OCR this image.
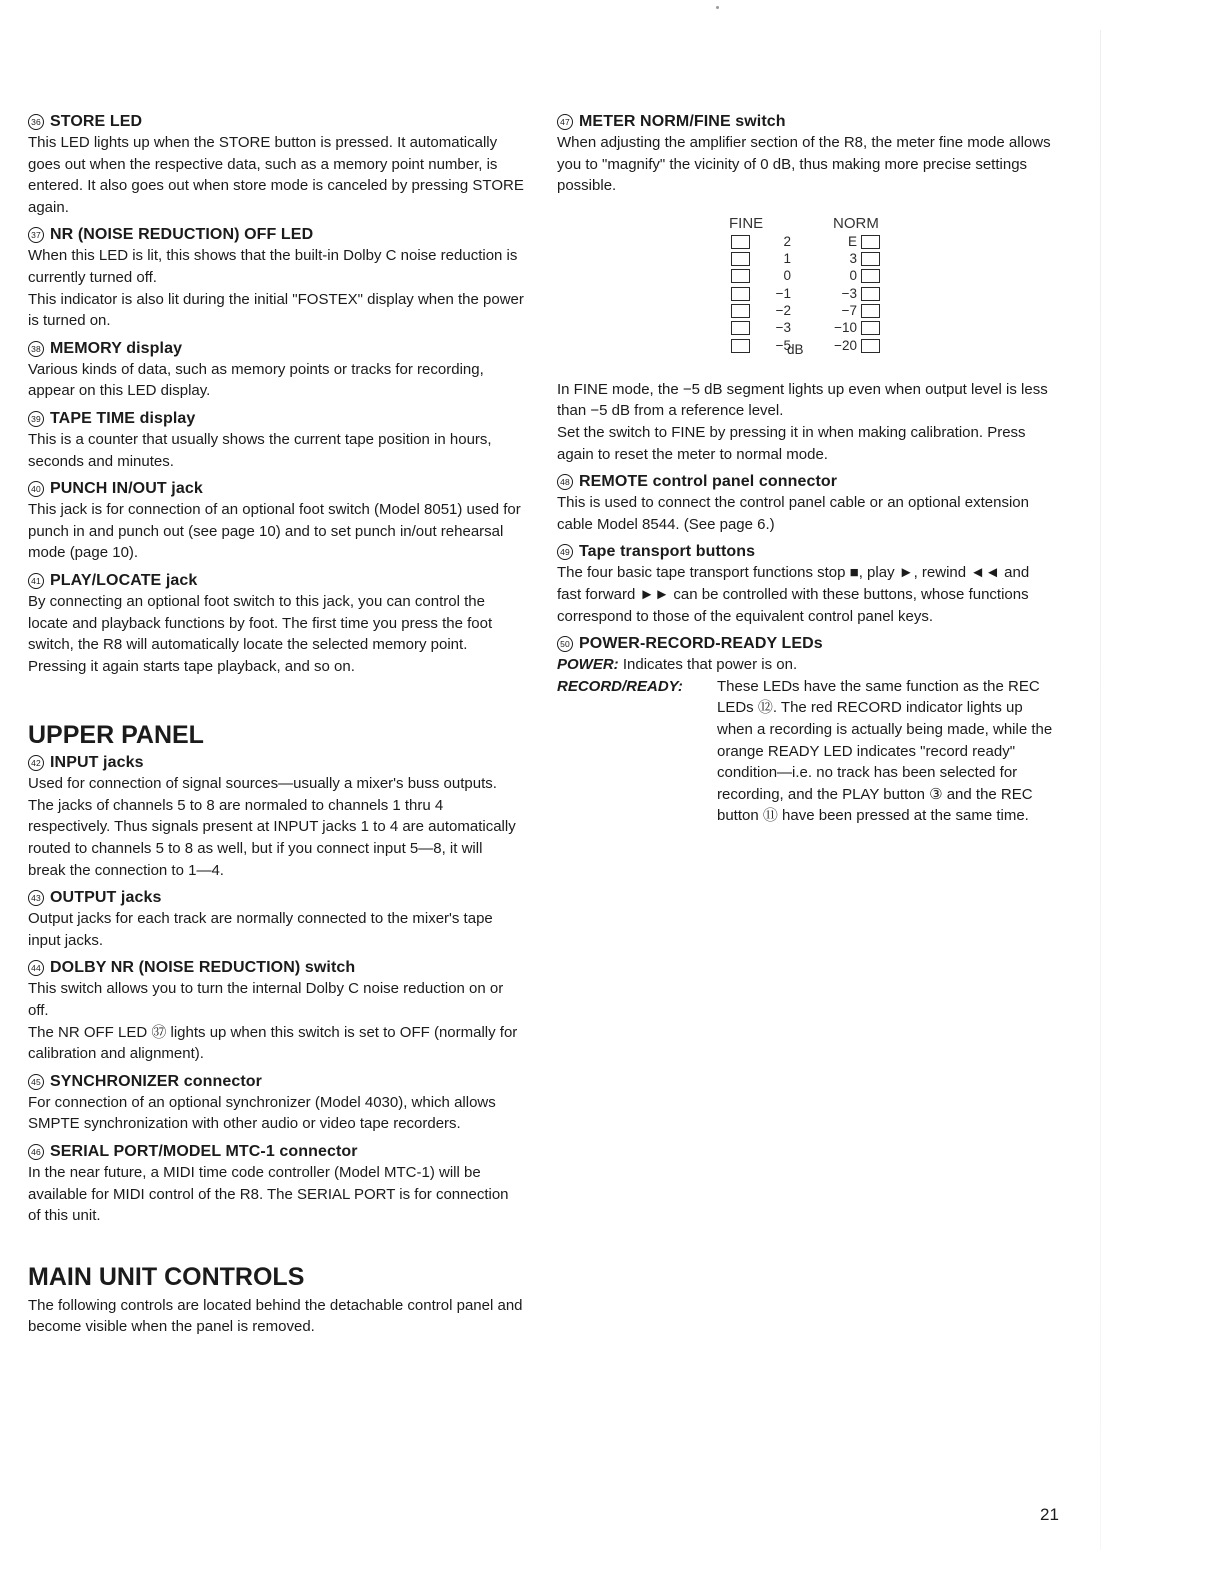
36 STORE LED

This LED lights up when the STORE button is pressed. It automatically goes out when the respective data, such as a memory point number, is entered. It also goes out when store mode is canceled by pressing STORE again.

37 NR (NOISE REDUCTION) OFF LED

When this LED is lit, this shows that the built-in Dolby C noise reduction is currently turned off.

This indicator is also lit during the initial "FOSTEX" display when the power is turned on.

38 MEMORY display

Various kinds of data, such as memory points or tracks for recording, appear on this LED display.

39 TAPE TIME display

This is a counter that usually shows the current tape position in hours, seconds and minutes.

40 PUNCH IN/OUT jack

This jack is for connection of an optional foot switch (Model 8051) used for punch in and punch out (see page 10) and to set punch in/out rehearsal mode (page 10).

41 PLAY/LOCATE jack

By connecting an optional foot switch to this jack, you can control the locate and playback functions by foot. The first time you press the foot switch, the R8 will automatically locate the selected memory point. Pressing it again starts tape playback, and so on.

UPPER PANEL
42 INPUT jacks

Used for connection of signal sources—usually a mixer's buss outputs.

The jacks of channels 5 to 8 are normaled to channels 1 thru 4 respectively. Thus signals present at INPUT jacks 1 to 4 are automatically routed to channels 5 to 8 as well, but if you connect input 5—8, it will break the connection to 1—4.

43 OUTPUT jacks

Output jacks for each track are normally connected to the mixer's tape input jacks.

44 DOLBY NR (NOISE REDUCTION) switch

This switch allows you to turn the internal Dolby C noise reduction on or off.

The NR OFF LED ㊲ lights up when this switch is set to OFF (normally for calibration and alignment).

45 SYNCHRONIZER connector

For connection of an optional synchronizer (Model 4030), which allows SMPTE synchronization with other audio or video tape recorders.

46 SERIAL PORT/MODEL MTC-1 connector

In the near future, a MIDI time code controller (Model MTC-1) will be available for MIDI control of the R8. The SERIAL PORT is for connection of this unit.

MAIN UNIT CONTROLS

The following controls are located behind the detachable control panel and become visible when the panel is removed.

47 METER NORM/FINE switch

When adjusting the amplifier section of the R8, the meter fine mode allows you to "magnify" the vicinity of 0 dB, thus making more precise settings possible.

FINE	NORM
2	E
1	3
0	0
−1	−3
−2	−7
−3	−10
−5	−20
dB

In FINE mode, the −5 dB segment lights up even when output level is less than −5 dB from a reference level.

Set the switch to FINE by pressing it in when making calibration. Press again to reset the meter to normal mode.

48 REMOTE control panel connector

This is used to connect the control panel cable or an optional extension cable Model 8544. (See page 6.)

49 Tape transport buttons

The four basic tape transport functions stop ■, play ►, rewind ◄◄ and fast forward ►► can be controlled with these buttons, whose functions correspond to those of the equivalent control panel keys.

50 POWER-RECORD-READY LEDs

POWER: Indicates that power is on.

RECORD/READY: These LEDs have the same function as the REC LEDs ⑫. The red RECORD indicator lights up when a recording is actually being made, while the orange READY LED indicates "record ready" condition—i.e. no track has been selected for recording, and the PLAY button ③ and the REC button ⑪ have been pressed at the same time.

21
